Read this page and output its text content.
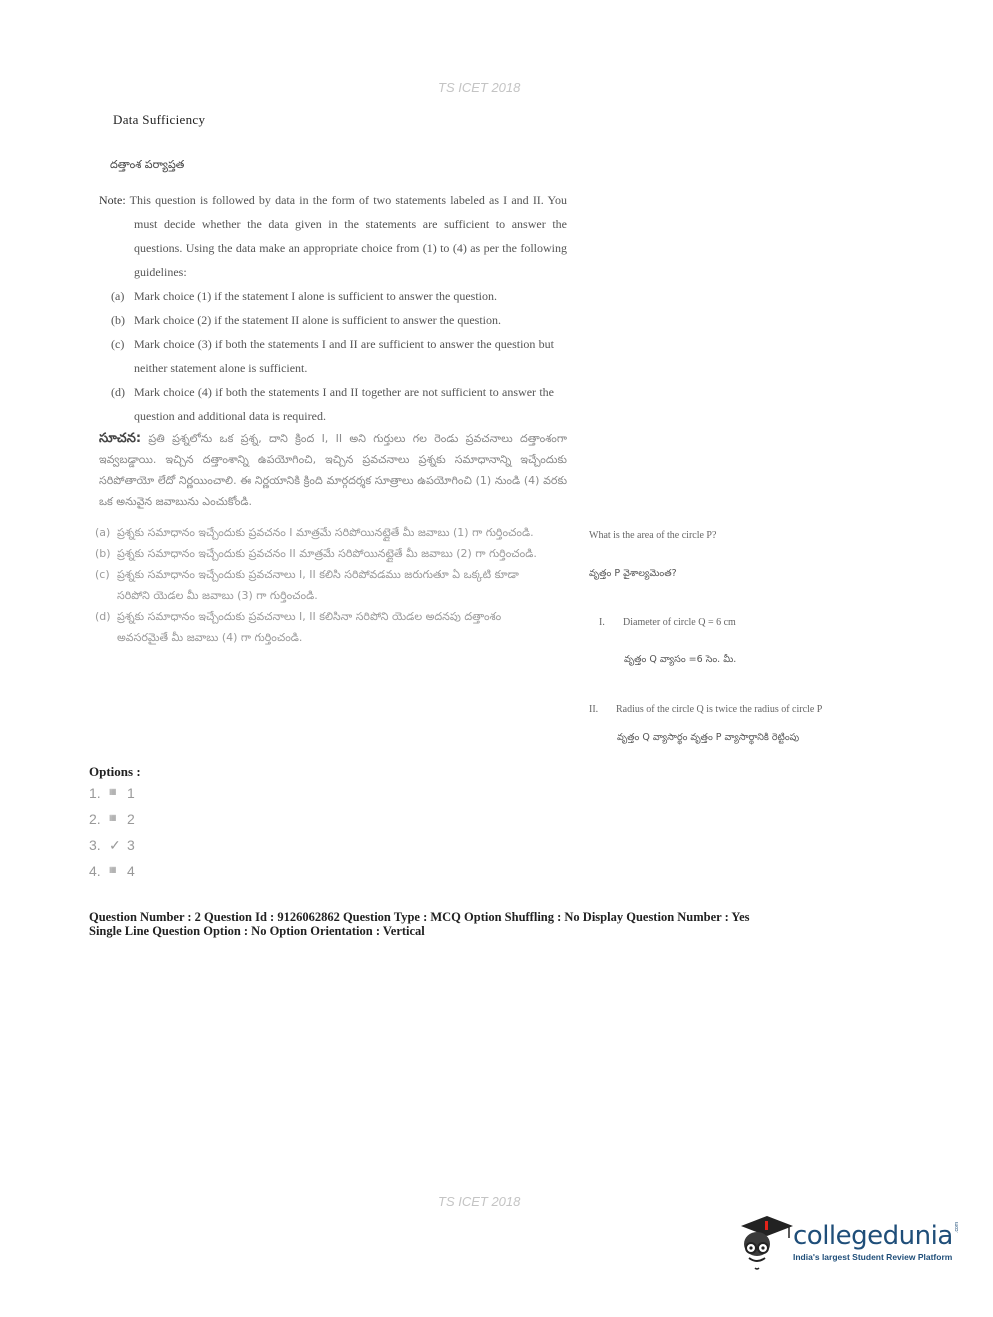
TS ICET 2018
Data Sufficiency
దత్తాంశ పర్యాప్తత

Note: This question is followed by data in the form of two statements labeled as I and II. You must decide whether the data given in the statements are sufficient to answer the questions. Using the data make an appropriate choice from (1) to (4) as per the following guidelines:

(a) Mark choice (1) if the statement I alone is sufficient to answer the question.
(b) Mark choice (2) if the statement II alone is sufficient to answer the question.
(c) Mark choice (3) if both the statements I and II are sufficient to answer the question but neither statement alone is sufficient.
(d) Mark choice (4) if both the statements I and II together are not sufficient to answer the question and additional data is required.
సూచన: ప్రతి ప్రశ్నలోను ఒక ప్రశ్న, దాని క్రింద I, II అని గుర్తులు గల రెండు ప్రవచనాలు దత్తాంశంగా ఇవ్వబడ్డాయి. ఇచ్చిన దత్తాంశాన్ని ఉపయోగించి, ఇచ్చిన ప్రవచనాలు ప్రశ్నకు సమాధానాన్ని ఇచ్చేందుకు సరిపోతాయో లేదో నిర్ణయించాలి. ఈ నిర్ణయానికి క్రింది మార్గదర్శక సూత్రాలు ఉపయోగించి (1) నుండి (4) వరకు ఒక అనువైన జవాబును ఎంచుకోండి.
(a) ప్రశ్నకు సమాధానం ఇచ్చేందుకు ప్రవచనం I మాత్రమే సరిపోయినట్లైతే మీ జవాబు (1) గా గుర్తించండి.
(b) ప్రశ్నకు సమాధానం ఇచ్చేందుకు ప్రవచనం II మాత్రమే సరిపోయినట్లైతే మీ జవాబు (2) గా గుర్తించండి.
(c) ప్రశ్నకు సమాధానం ఇచ్చేందుకు ప్రవచనాలు I, II కలిసి సరిపోవడము జరుగుతూ ఏ ఒక్కటి కూడా సరిపోని యెడల మీ జవాబు (3) గా గుర్తించండి.
(d) ప్రశ్నకు సమాధానం ఇచ్చేందుకు ప్రవచనాలు I, II కలిసినా సరిపోని యెడల అదనపు దత్తాంశం అవసరమైతే మీ జవాబు (4) గా గుర్తించండి.
What is the area of the circle P?
వృత్తం P వైశాల్యమెంత?
I.	Diameter of circle Q = 6 cm
వృత్తం Q వ్యాసం =6 సెం. మీ.
II.	Radius of the circle Q is twice the radius of circle P
వృత్తం Q వ్యాసార్థం వృత్తం P వ్యాసార్థానికి రెట్టింపు
Options :
1.	▦ 1
2.	▦ 2
3. ✓ 3
4.	▦ 4
Question Number : 2 Question Id : 9126062862 Question Type : MCQ Option Shuffling : No Display Question Number : Yes
Single Line Question Option : No Option Orientation : Vertical
TS ICET 2018
collegedunia .com
India's largest Student Review Platform
